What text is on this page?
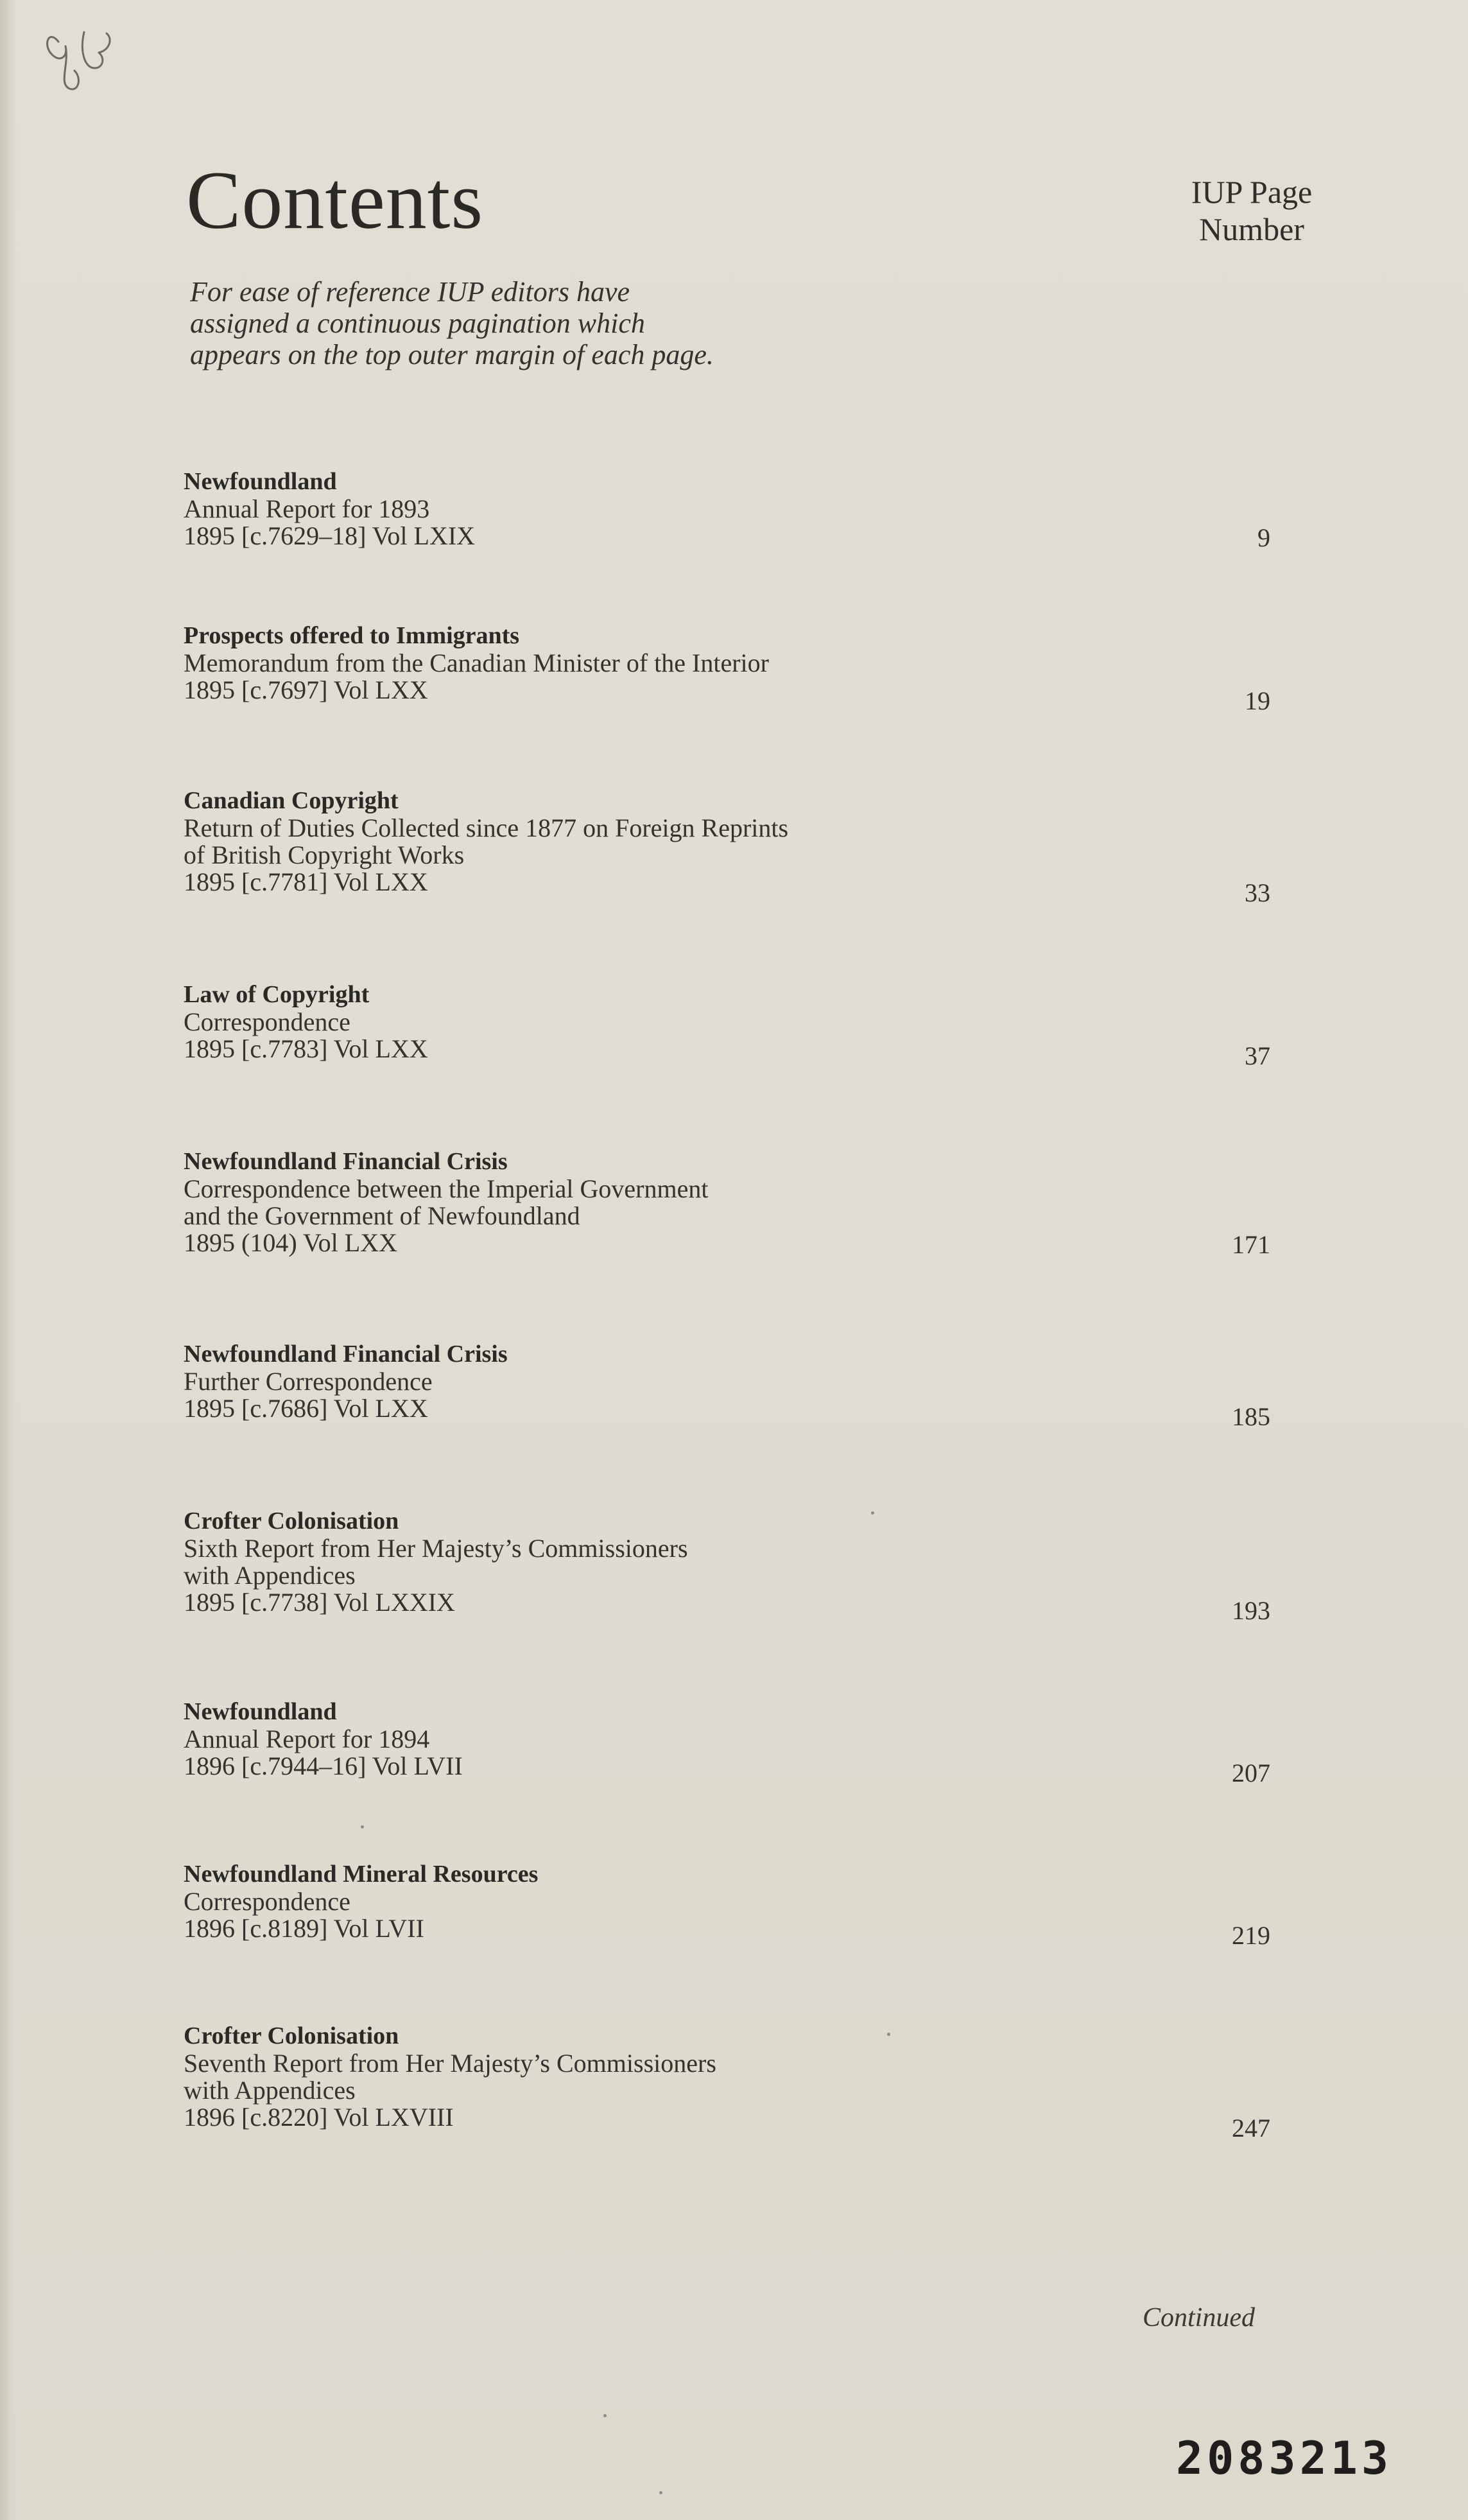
Contents	IUP Page
Number
For ease of reference IUP editors have
assigned a continuous pagination which
appears on the top outer margin of each page.
Newfoundland
Annual Report for 1893
1895 [c.7629–18] Vol LXIX	9
Prospects offered to Immigrants
Memorandum from the Canadian Minister of the Interior
1895 [c.7697] Vol LXX	19
Canadian Copyright
Return of Duties Collected since 1877 on Foreign Reprints
of British Copyright Works
1895 [c.7781] Vol LXX	33
Law of Copyright
Correspondence
1895 [c.7783] Vol LXX	37
Newfoundland Financial Crisis
Correspondence between the Imperial Government
and the Government of Newfoundland
1895 (104) Vol LXX	171
Newfoundland Financial Crisis
Further Correspondence
1895 [c.7686] Vol LXX	185
Crofter Colonisation
Sixth Report from Her Majesty’s Commissioners
with Appendices
1895 [c.7738] Vol LXXIX	193
Newfoundland
Annual Report for 1894
1896 [c.7944–16] Vol LVII	207
Newfoundland Mineral Resources
Correspondence
1896 [c.8189] Vol LVII	219
Crofter Colonisation
Seventh Report from Her Majesty’s Commissioners
with Appendices
1896 [c.8220] Vol LXVIII	247
Continued
2083213
